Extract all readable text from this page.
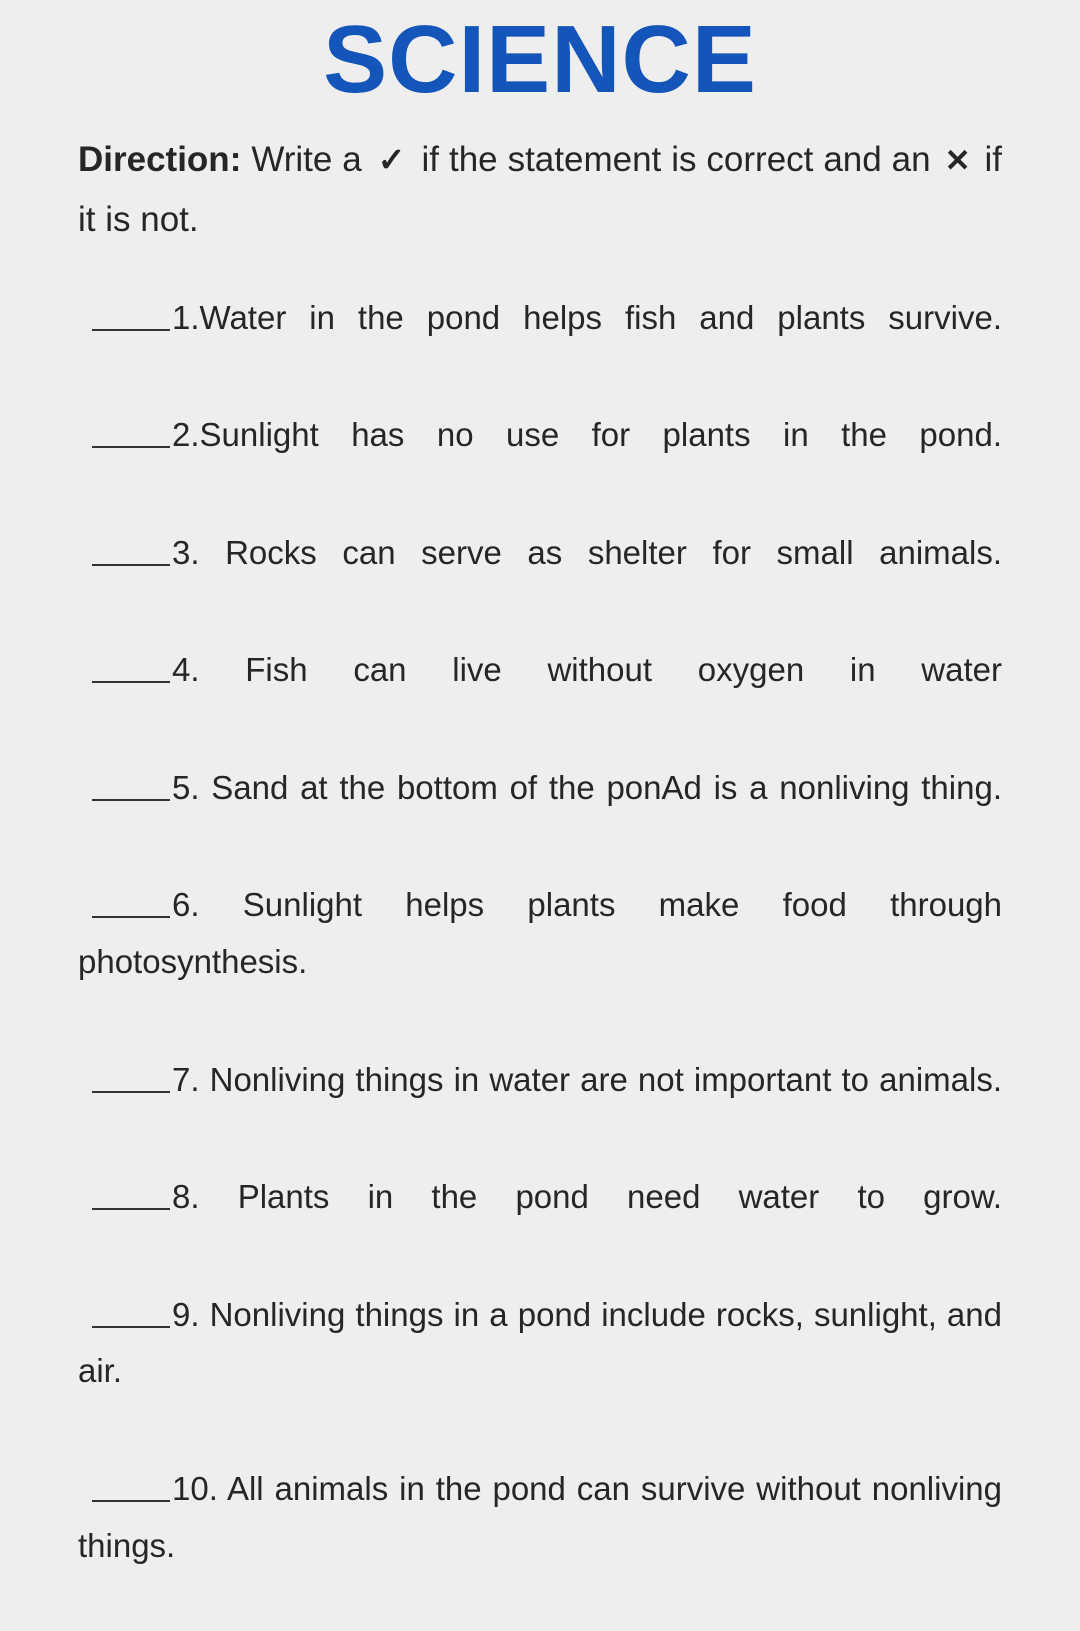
SCIENCE

Direction: Write a ✓ if the statement is correct and an ✕ if it is not.

1.Water in the pond helps fish and plants survive.

2.Sunlight has no use for plants in the pond.

3. Rocks can serve as shelter for small animals.

4. Fish can live without oxygen in water

5. Sand at the bottom of the ponAd is a nonliving thing.

6. Sunlight helps plants make food through photosynthesis.

7. Nonliving things in water are not important to animals.

8. Plants in the pond need water to grow.

9. Nonliving things in a pond include rocks, sunlight, and air.

10. All animals in the pond can survive without nonliving things.
